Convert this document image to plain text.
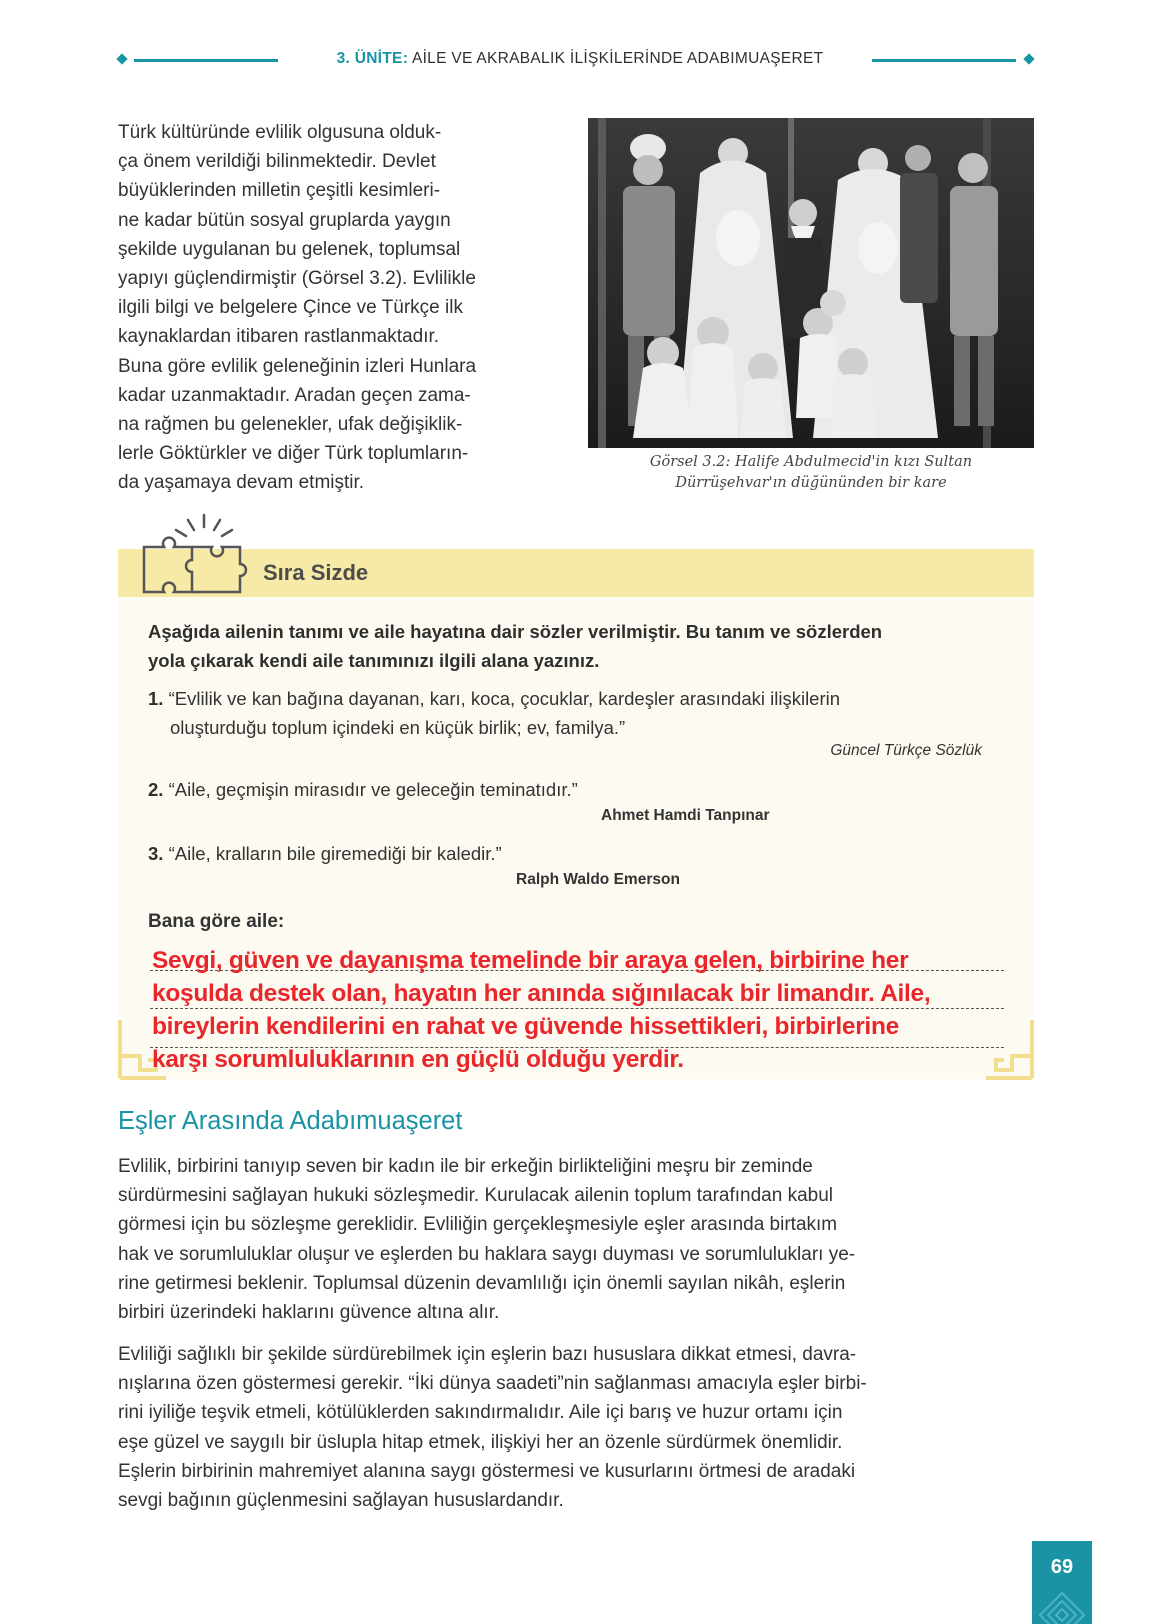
3. ÜNİTE: AİLE VE AKRABALIK İLİŞKİLERİNDE ADABIMUAŞERET

Türk kültüründe evlilik olgusuna olduk-

ça önem verildiği bilinmektedir. Devlet

büyüklerinden milletin çeşitli kesimleri-

ne kadar bütün sosyal gruplarda yaygın

şekilde uygulanan bu gelenek, toplumsal

yapıyı güçlendirmiştir (Görsel 3.2). Evlilikle

ilgili bilgi ve belgelere Çince ve Türkçe ilk

kaynaklardan itibaren rastlanmaktadır.

Buna göre evlilik geleneğinin izleri Hunlara

kadar uzanmaktadır. Aradan geçen zama-

na rağmen bu gelenekler, ufak değişiklik-

lerle Göktürkler ve diğer Türk toplumların-

da yaşamaya devam etmiştir.

Görsel 3.2: Halife Abdulmecid'in kızı Sultan
Dürrüşehvar'ın düğününden bir kare
Sıra Sizde
Aşağıda ailenin tanımı ve aile hayatına dair sözler verilmiştir. Bu tanım ve sözlerden
yola çıkarak kendi aile tanımınızı ilgili alana yazınız.
1. “Evlilik ve kan bağına dayanan, karı, koca, çocuklar, kardeşler arasındaki ilişkilerin
oluşturduğu toplum içindeki en küçük birlik; ev, familya.”
Güncel Türkçe Sözlük
2. “Aile, geçmişin mirasıdır ve geleceğin teminatıdır.”
Ahmet Hamdi Tanpınar
3. “Aile, kralların bile giremediği bir kaledir.”
Ralph Waldo Emerson
Bana göre aile:
Sevgi, güven ve dayanışma temelinde bir araya gelen, birbirine her
koşulda destek olan, hayatın her anında sığınılacak bir limandır. Aile,
bireylerin kendilerini en rahat ve güvende hissettikleri, birbirlerine
karşı sorumluluklarının en güçlü olduğu yerdir.
Eşler Arasında Adabımuaşeret
Evlilik, birbirini tanıyıp seven bir kadın ile bir erkeğin birlikteliğini meşru bir zeminde
sürdürmesini sağlayan hukuki sözleşmedir. Kurulacak ailenin toplum tarafından kabul
görmesi için bu sözleşme gereklidir. Evliliğin gerçekleşmesiyle eşler arasında birtakım
hak ve sorumluluklar oluşur ve eşlerden bu haklara saygı duyması ve sorumlulukları ye-
rine getirmesi beklenir. Toplumsal düzenin devamlılığı için önemli sayılan nikâh, eşlerin
birbiri üzerindeki haklarını güvence altına alır.
Evliliği sağlıklı bir şekilde sürdürebilmek için eşlerin bazı hususlara dikkat etmesi, davra-
nışlarına özen göstermesi gerekir. “İki dünya saadeti”nin sağlanması amacıyla eşler birbi-
rini iyiliğe teşvik etmeli, kötülüklerden sakındırmalıdır. Aile içi barış ve huzur ortamı için
eşe güzel ve saygılı bir üslupla hitap etmek, ilişkiyi her an özenle sürdürmek önemlidir.
Eşlerin birbirinin mahremiyet alanına saygı göstermesi ve kusurlarını örtmesi de aradaki
sevgi bağının güçlenmesini sağlayan hususlardandır.
69
